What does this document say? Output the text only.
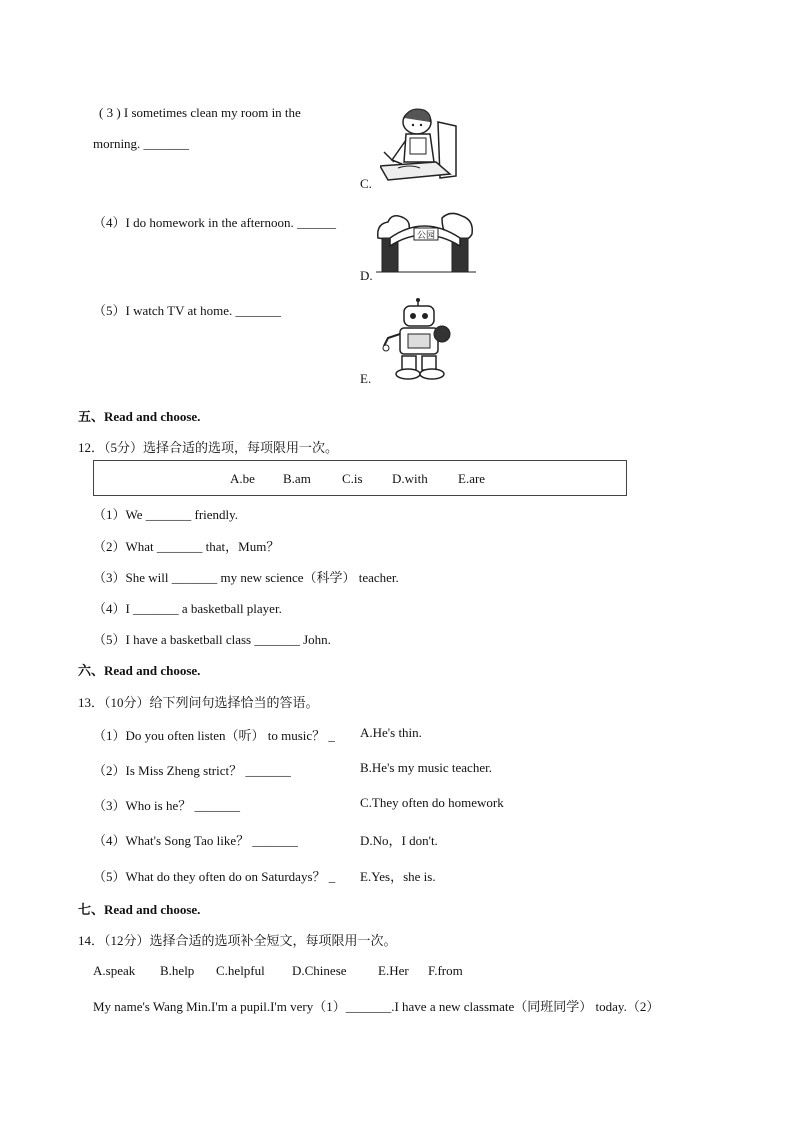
( 3 ) I sometimes clean my room in the
morning. _______
C.
（4）I do homework in the afternoon. ______
公园
D.
（5）I watch TV at home. _______
E.
五、Read and choose.
12．（5分）选择合适的选项，每项限用一次。
A.be B.am C.is D.with E.are
（1）We _______ friendly.
（2）What _______ that，Mum？
（3）She will _______ my new science（科学） teacher.
（4）I _______ a basketball player.
（5）I have a basketball class _______ John.
六、Read and choose.
13．（10分）给下列问句选择恰当的答语。
（1）Do you often listen（听） to music？ _ A.He's thin.
（2）Is Miss Zheng strict？ _______	B.He's my music teacher.
（3）Who is he？ _______	C.They often do homework
（4）What's Song Tao like？ _______	D.No，I don't.
（5）What do they often do on Saturdays？ _ E.Yes，she is.
七、Read and choose.
14．（12分）选择合适的选项补全短文，每项限用一次。
A.speak B.help C.helpful D.Chinese E.Her F.from
My name's Wang Min.I'm a pupil.I'm very（1）_______.I have a new classmate（同班同学） today.（2）
